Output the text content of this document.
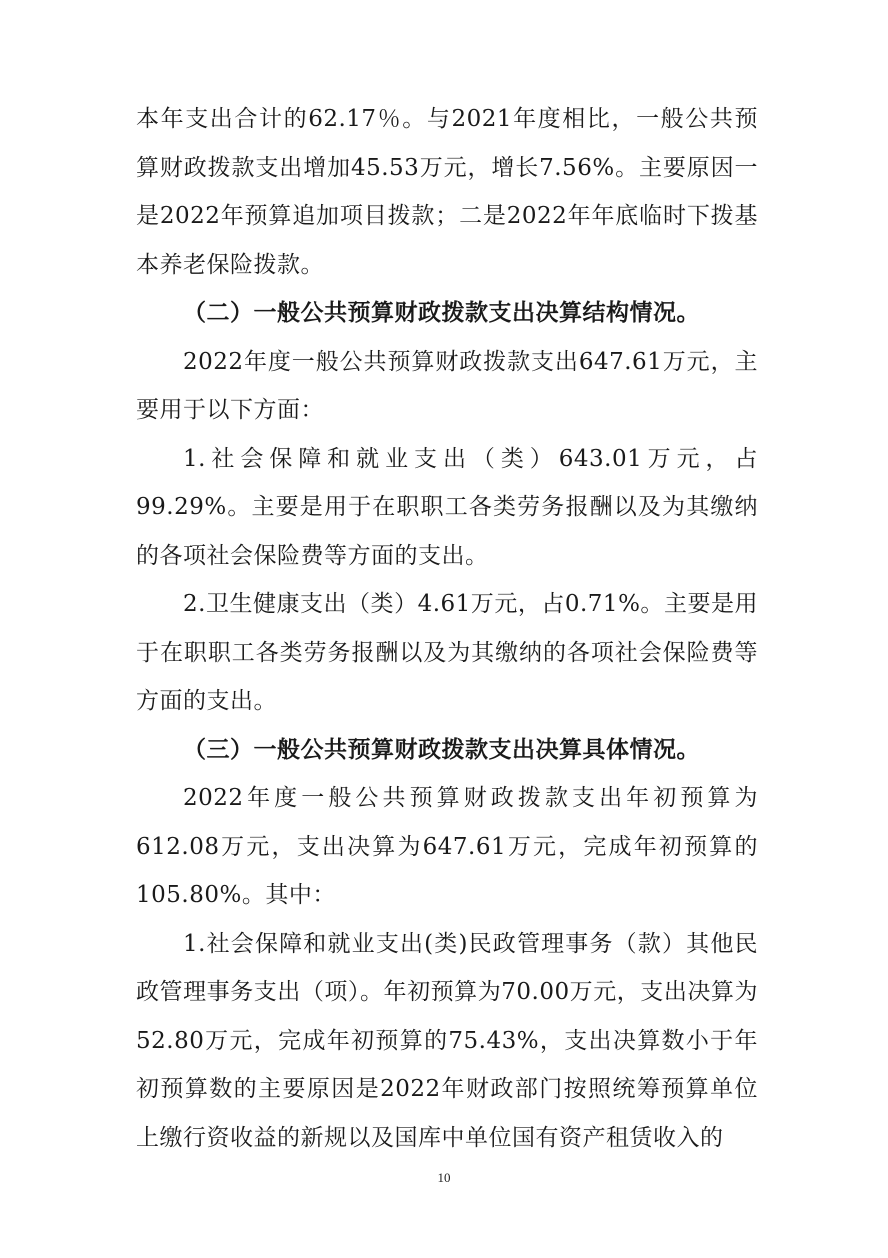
本年支出合计的62.17％。与2021年度相比，一般公共预算财政拨款支出增加45.53万元，增长7.56%。主要原因一是2022年预算追加项目拨款；二是2022年年底临时下拨基本养老保险拨款。

（二）一般公共预算财政拨款支出决算结构情况。

2022年度一般公共预算财政拨款支出647.61万元，主要用于以下方面：

1.社会保障和就业支出（类）643.01万元，占99.29%。主要是用于在职职工各类劳务报酬以及为其缴纳的各项社会保险费等方面的支出。

2.卫生健康支出（类）4.61万元，占0.71%。主要是用于在职职工各类劳务报酬以及为其缴纳的各项社会保险费等方面的支出。

（三）一般公共预算财政拨款支出决算具体情况。

2022年度一般公共预算财政拨款支出年初预算为612.08万元，支出决算为647.61万元，完成年初预算的105.80%。其中：

1.社会保障和就业支出(类)民政管理事务（款）其他民政管理事务支出（项）。年初预算为70.00万元，支出决算为52.80万元，完成年初预算的75.43%，支出决算数小于年初预算数的主要原因是2022年财政部门按照统筹预算单位上缴行资收益的新规以及国库中单位国有资产租赁收入的

10
